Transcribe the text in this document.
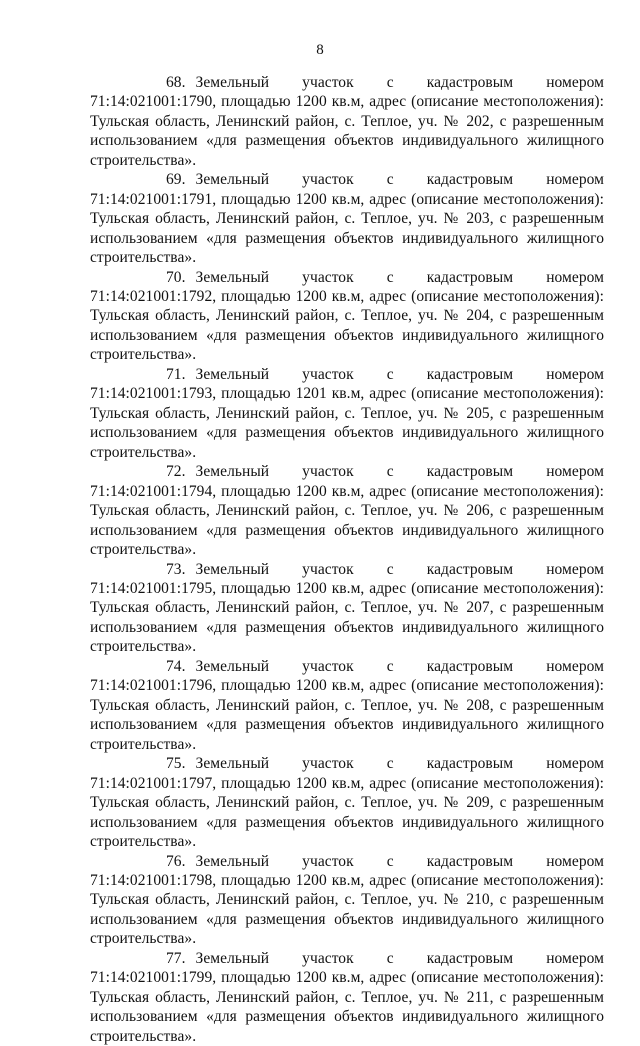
8

68. Земельный участок с кадастровым номером 71:14:021001:1790, площадью 1200 кв.м, адрес (описание местоположения): Тульская область, Ленинский район, с. Теплое, уч. № 202, с разрешенным использованием «для размещения объектов индивидуального жилищного строительства».

69. Земельный участок с кадастровым номером 71:14:021001:1791, площадью 1200 кв.м, адрес (описание местоположения): Тульская область, Ленинский район, с. Теплое, уч. № 203, с разрешенным использованием «для размещения объектов индивидуального жилищного строительства».

70. Земельный участок с кадастровым номером 71:14:021001:1792, площадью 1200 кв.м, адрес (описание местоположения): Тульская область, Ленинский район, с. Теплое, уч. № 204, с разрешенным использованием «для размещения объектов индивидуального жилищного строительства».

71. Земельный участок с кадастровым номером 71:14:021001:1793, площадью 1201 кв.м, адрес (описание местоположения): Тульская область, Ленинский район, с. Теплое, уч. № 205, с разрешенным использованием «для размещения объектов индивидуального жилищного строительства».

72. Земельный участок с кадастровым номером 71:14:021001:1794, площадью 1200 кв.м, адрес (описание местоположения): Тульская область, Ленинский район, с. Теплое, уч. № 206, с разрешенным использованием «для размещения объектов индивидуального жилищного строительства».

73. Земельный участок с кадастровым номером 71:14:021001:1795, площадью 1200 кв.м, адрес (описание местоположения): Тульская область, Ленинский район, с. Теплое, уч. № 207, с разрешенным использованием «для размещения объектов индивидуального жилищного строительства».

74. Земельный участок с кадастровым номером 71:14:021001:1796, площадью 1200 кв.м, адрес (описание местоположения): Тульская область, Ленинский район, с. Теплое, уч. № 208, с разрешенным использованием «для размещения объектов индивидуального жилищного строительства».

75. Земельный участок с кадастровым номером 71:14:021001:1797, площадью 1200 кв.м, адрес (описание местоположения): Тульская область, Ленинский район, с. Теплое, уч. № 209, с разрешенным использованием «для размещения объектов индивидуального жилищного строительства».

76. Земельный участок с кадастровым номером 71:14:021001:1798, площадью 1200 кв.м, адрес (описание местоположения): Тульская область, Ленинский район, с. Теплое, уч. № 210, с разрешенным использованием «для размещения объектов индивидуального жилищного строительства».

77. Земельный участок с кадастровым номером 71:14:021001:1799, площадью 1200 кв.м, адрес (описание местоположения): Тульская область, Ленинский район, с. Теплое, уч. № 211, с разрешенным использованием «для размещения объектов индивидуального жилищного строительства».
